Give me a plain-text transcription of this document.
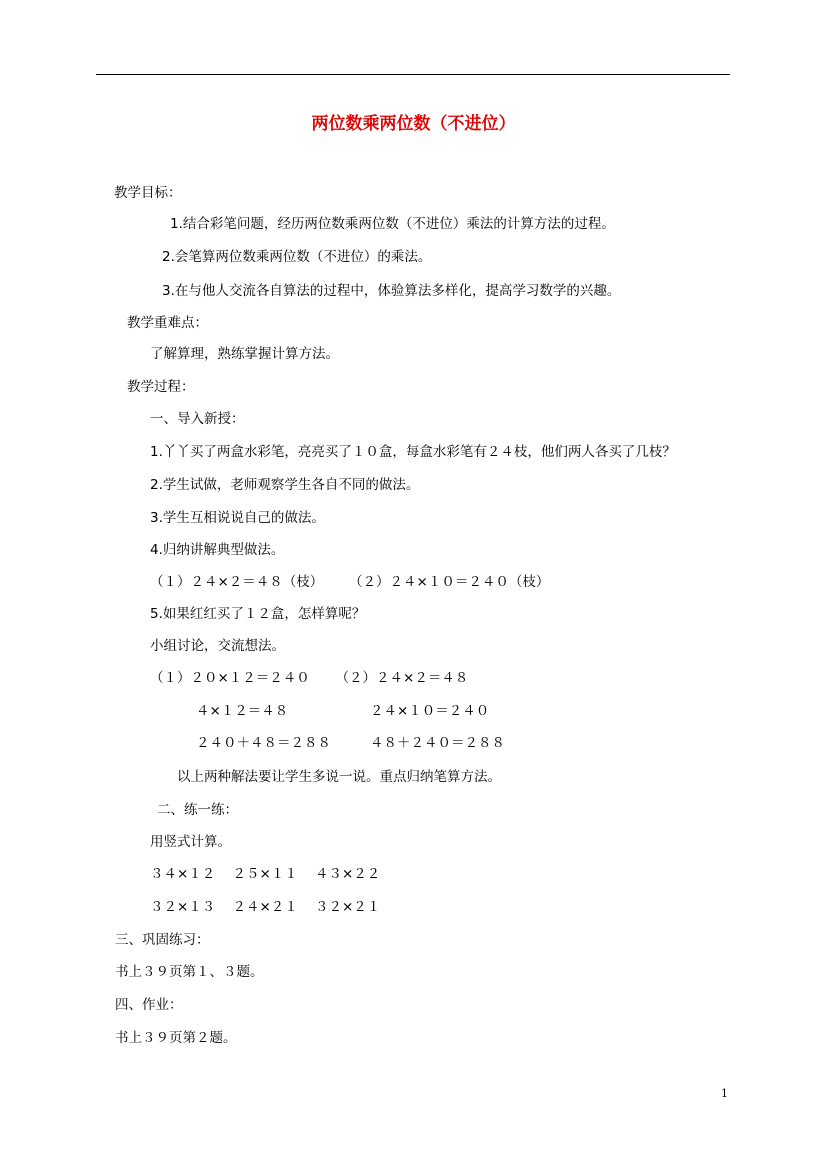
两位数乘两位数（不进位）
教学目标：
1.结合彩笔问题，经历两位数乘两位数（不进位）乘法的计算方法的过程。
2.会笔算两位数乘两位数（不进位）的乘法。
3.在与他人交流各自算法的过程中，体验算法多样化，提高学习数学的兴趣。
教学重难点：
了解算理，熟练掌握计算方法。
教学过程：
一、导入新授：
1.丫丫买了两盒水彩笔，亮亮买了１０盒，每盒水彩笔有２４枝，他们两人各买了几枝？
2.学生试做，老师观察学生各自不同的做法。
3.学生互相说说自己的做法。
4.归纳讲解典型做法。
（１）２４×２＝４８（枝）      （２）２４×１０＝２４０（枝）
5.如果红红买了１２盒，怎样算呢？
小组讨论，交流想法。
（１）２０×１２＝２４０      （２）２４×２＝４８
４×１２＝４８	２４×１０＝２４０
２４０＋４８＝２８８	４８＋２４０＝２８８
以上两种解法要让学生多说一说。重点归纳笔算方法。
二、练一练：
用竖式计算。
３４×１２    ２５×１１    ４３×２２
３２×１３    ２４×２１    ３２×２１
三、巩固练习：
书上３９页第１、３题。
四、作业：
书上３９页第２题。
1
